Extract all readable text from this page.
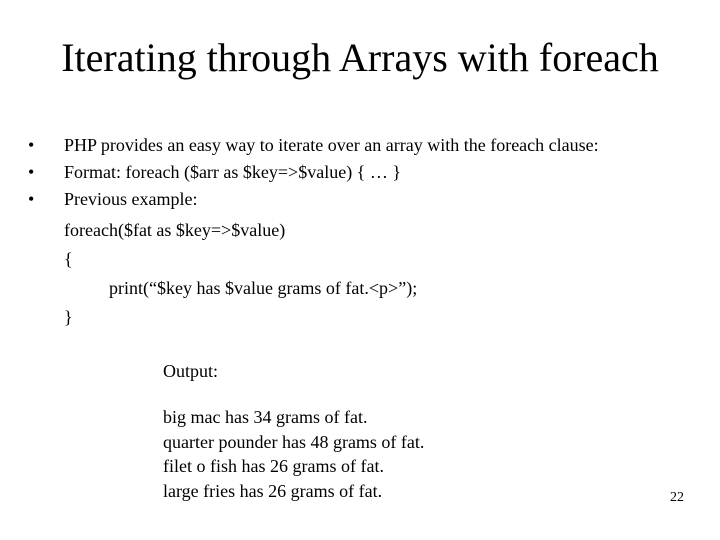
Iterating through Arrays with foreach
•	PHP provides an easy way to iterate over an array with the foreach clause:
•	Format: foreach ($arr as $key=>$value) { … }
•	Previous example:
foreach($fat as $key=>$value)
{
print(“$key has $value grams of fat.<p>”);
}
Output:
big mac has 34 grams of fat.
quarter pounder has 48 grams of fat.
filet o fish has 26 grams of fat.
large fries has 26 grams of fat.	22
